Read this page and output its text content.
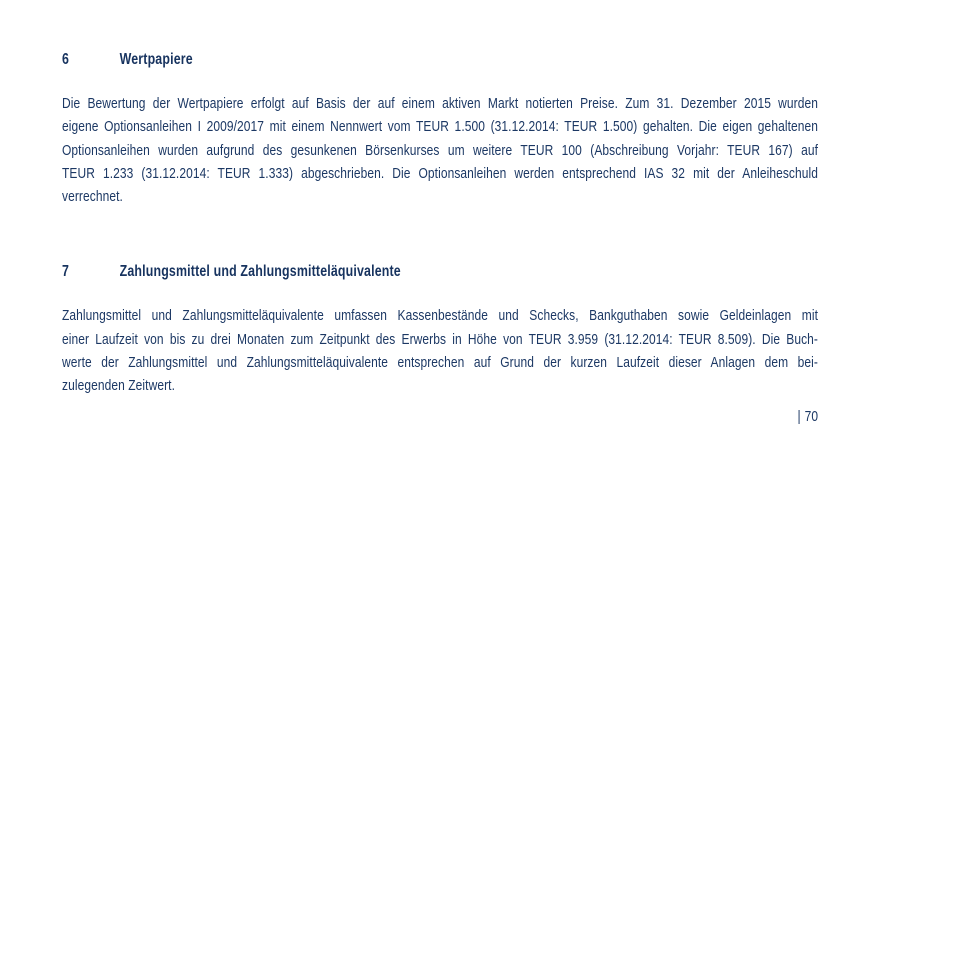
6	Wertpapiere
Die Bewertung der Wertpapiere erfolgt auf Basis der auf einem aktiven Markt notierten Preise. Zum 31. Dezember 2015 wurden
eigene Optionsanleihen I 2009/2017 mit einem Nennwert vom TEUR 1.500 (31.12.2014: TEUR 1.500) gehalten. Die eigen gehaltenen
Optionsanleihen wurden aufgrund des gesunkenen Börsenkurses um weitere TEUR 100 (Abschreibung Vorjahr: TEUR 167) auf
TEUR 1.233 (31.12.2014: TEUR 1.333) abgeschrieben. Die Optionsanleihen werden entsprechend IAS 32 mit der Anleiheschuld
verrechnet.
7	Zahlungsmittel und Zahlungsmitteläquivalente
Zahlungsmittel und Zahlungsmitteläquivalente umfassen Kassenbestände und Schecks, Bankguthaben sowie Geldeinlagen mit
einer Laufzeit von bis zu drei Monaten zum Zeitpunkt des Erwerbs in Höhe von TEUR 3.959 (31.12.2014: TEUR 8.509). Die Buch-
werte der Zahlungsmittel und Zahlungsmitteläquivalente entsprechen auf Grund der kurzen Laufzeit dieser Anlagen dem bei-
zulegenden Zeitwert.
| 70
